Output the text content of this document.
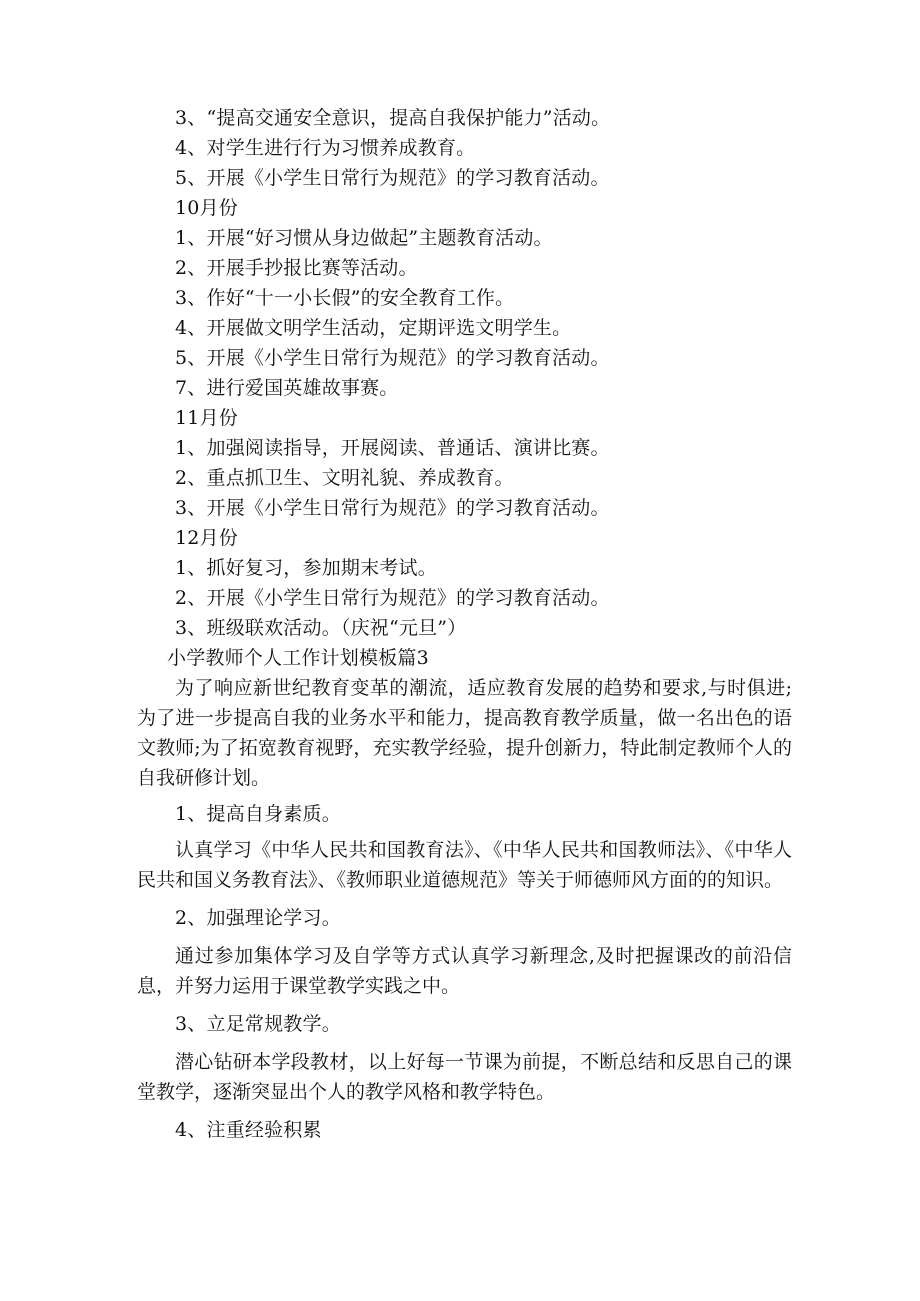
3、“提高交通安全意识，提高自我保护能力”活动。
4、对学生进行行为习惯养成教育。
5、开展《小学生日常行为规范》的学习教育活动。
10月份
1、开展“好习惯从身边做起”主题教育活动。
2、开展手抄报比赛等活动。
3、作好“十一小长假”的安全教育工作。
4、开展做文明学生活动，定期评选文明学生。
5、开展《小学生日常行为规范》的学习教育活动。
7、进行爱国英雄故事赛。
11月份
1、加强阅读指导，开展阅读、普通话、演讲比赛。
2、重点抓卫生、文明礼貌、养成教育。
3、开展《小学生日常行为规范》的学习教育活动。
12月份
1、抓好复习，参加期末考试。
2、开展《小学生日常行为规范》的学习教育活动。
3、班级联欢活动。（庆祝“元旦”）
小学教师个人工作计划模板篇3

为了响应新世纪教育变革的潮流，适应教育发展的趋势和要求,与时俱进;为了进一步提高自我的业务水平和能力，提高教育教学质量，做一名出色的语文教师;为了拓宽教育视野，充实教学经验，提升创新力，特此制定教师个人的自我研修计划。

1、提高自身素质。

认真学习《中华人民共和国教育法》、《中华人民共和国教师法》、《中华人民共和国义务教育法》、《教师职业道德规范》等关于师德师风方面的的知识。

2、加强理论学习。

通过参加集体学习及自学等方式认真学习新理念,及时把握课改的前沿信息，并努力运用于课堂教学实践之中。

3、立足常规教学。

潜心钻研本学段教材，以上好每一节课为前提，不断总结和反思自己的课堂教学，逐渐突显出个人的教学风格和教学特色。

4、注重经验积累
